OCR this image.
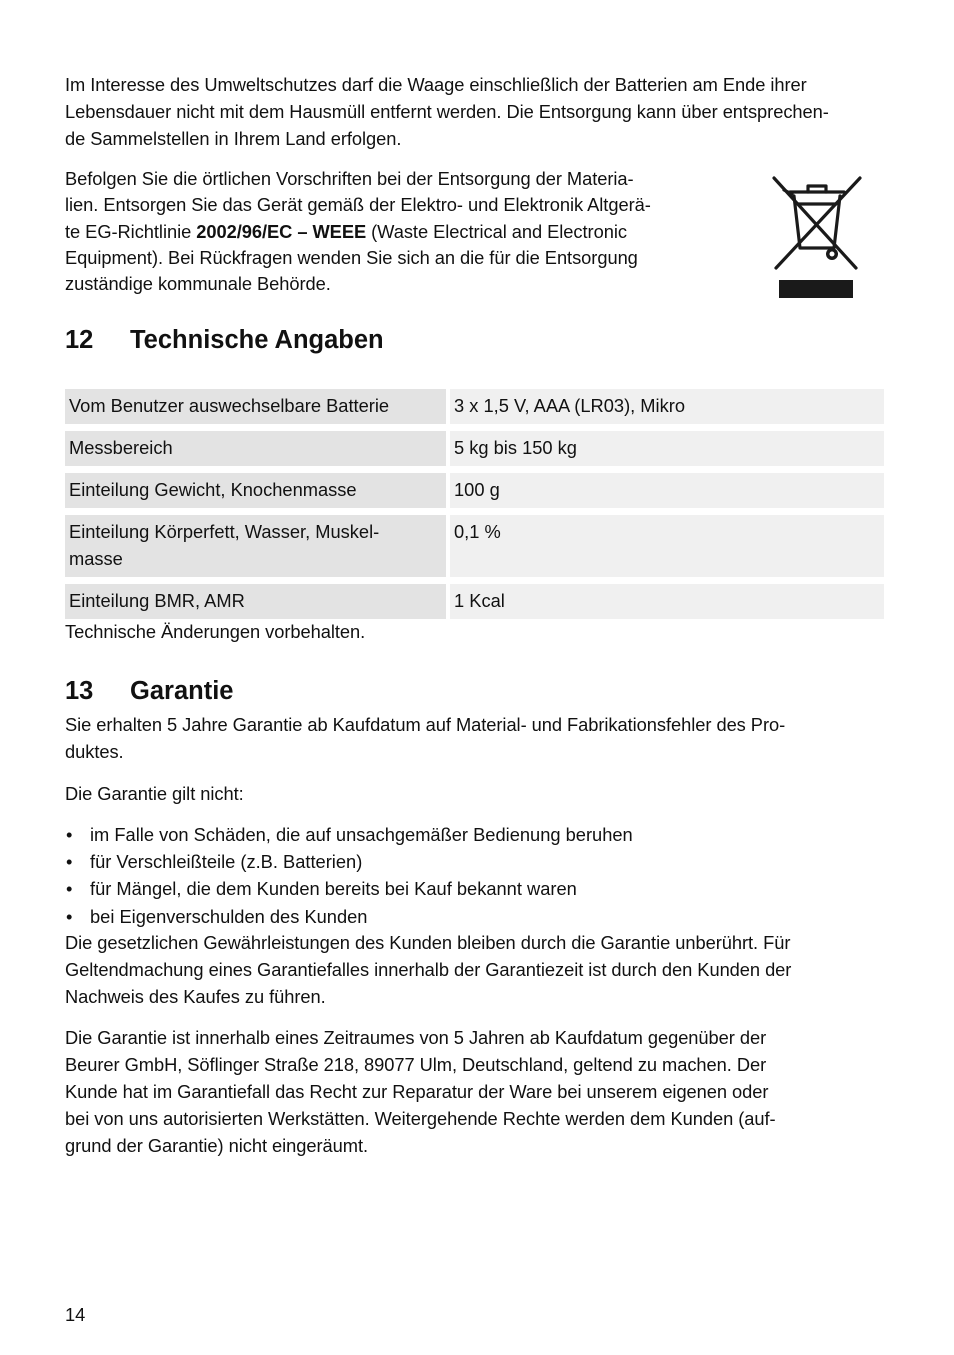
Im Interesse des Umweltschutzes darf die Waage einschließlich der Batterien am Ende ihrer
Lebensdauer nicht mit dem Hausmüll entfernt werden. Die Entsorgung kann über entsprechen-
de Sammelstellen in Ihrem Land erfolgen.
Befolgen Sie die örtlichen Vorschriften bei der Entsorgung der Materia-
lien. Entsorgen Sie das Gerät gemäß der Elektro- und Elektronik Altgerä-
te EG-Richtlinie 2002/96/EC – WEEE (Waste Electrical and Electronic
Equipment). Bei Rückfragen wenden Sie sich an die für die Entsorgung
zuständige kommunale Behörde.
12 Technische Angaben
Vom Benutzer auswechselbare Batterie	3 x 1,5 V, AAA (LR03), Mikro
Messbereich	5 kg bis 150 kg
Einteilung Gewicht, Knochenmasse	100 g

Einteilung Körperfett, Wasser, Muskel-
masse	0,1 %
Einteilung BMR, AMR	1 Kcal
Technische Änderungen vorbehalten.
13 Garantie
Sie erhalten 5 Jahre Garantie ab Kaufdatum auf Material- und Fabrikationsfehler des Pro-
duktes.
Die Garantie gilt nicht:
• im Falle von Schäden, die auf unsachgemäßer Bedienung beruhen
• für Verschleißteile (z.B. Batterien)
• für Mängel, die dem Kunden bereits bei Kauf bekannt waren
• bei Eigenverschulden des Kunden
Die gesetzlichen Gewährleistungen des Kunden bleiben durch die Garantie unberührt. Für
Geltendmachung eines Garantiefalles innerhalb der Garantiezeit ist durch den Kunden der
Nachweis des Kaufes zu führen.
Die Garantie ist innerhalb eines Zeitraumes von 5 Jahren ab Kaufdatum gegenüber der
Beurer GmbH, Söflinger Straße 218, 89077 Ulm, Deutschland, geltend zu machen. Der
Kunde hat im Garantiefall das Recht zur Reparatur der Ware bei unserem eigenen oder
bei von uns autorisierten Werkstätten. Weitergehende Rechte werden dem Kunden (auf-
grund der Garantie) nicht eingeräumt.
14
